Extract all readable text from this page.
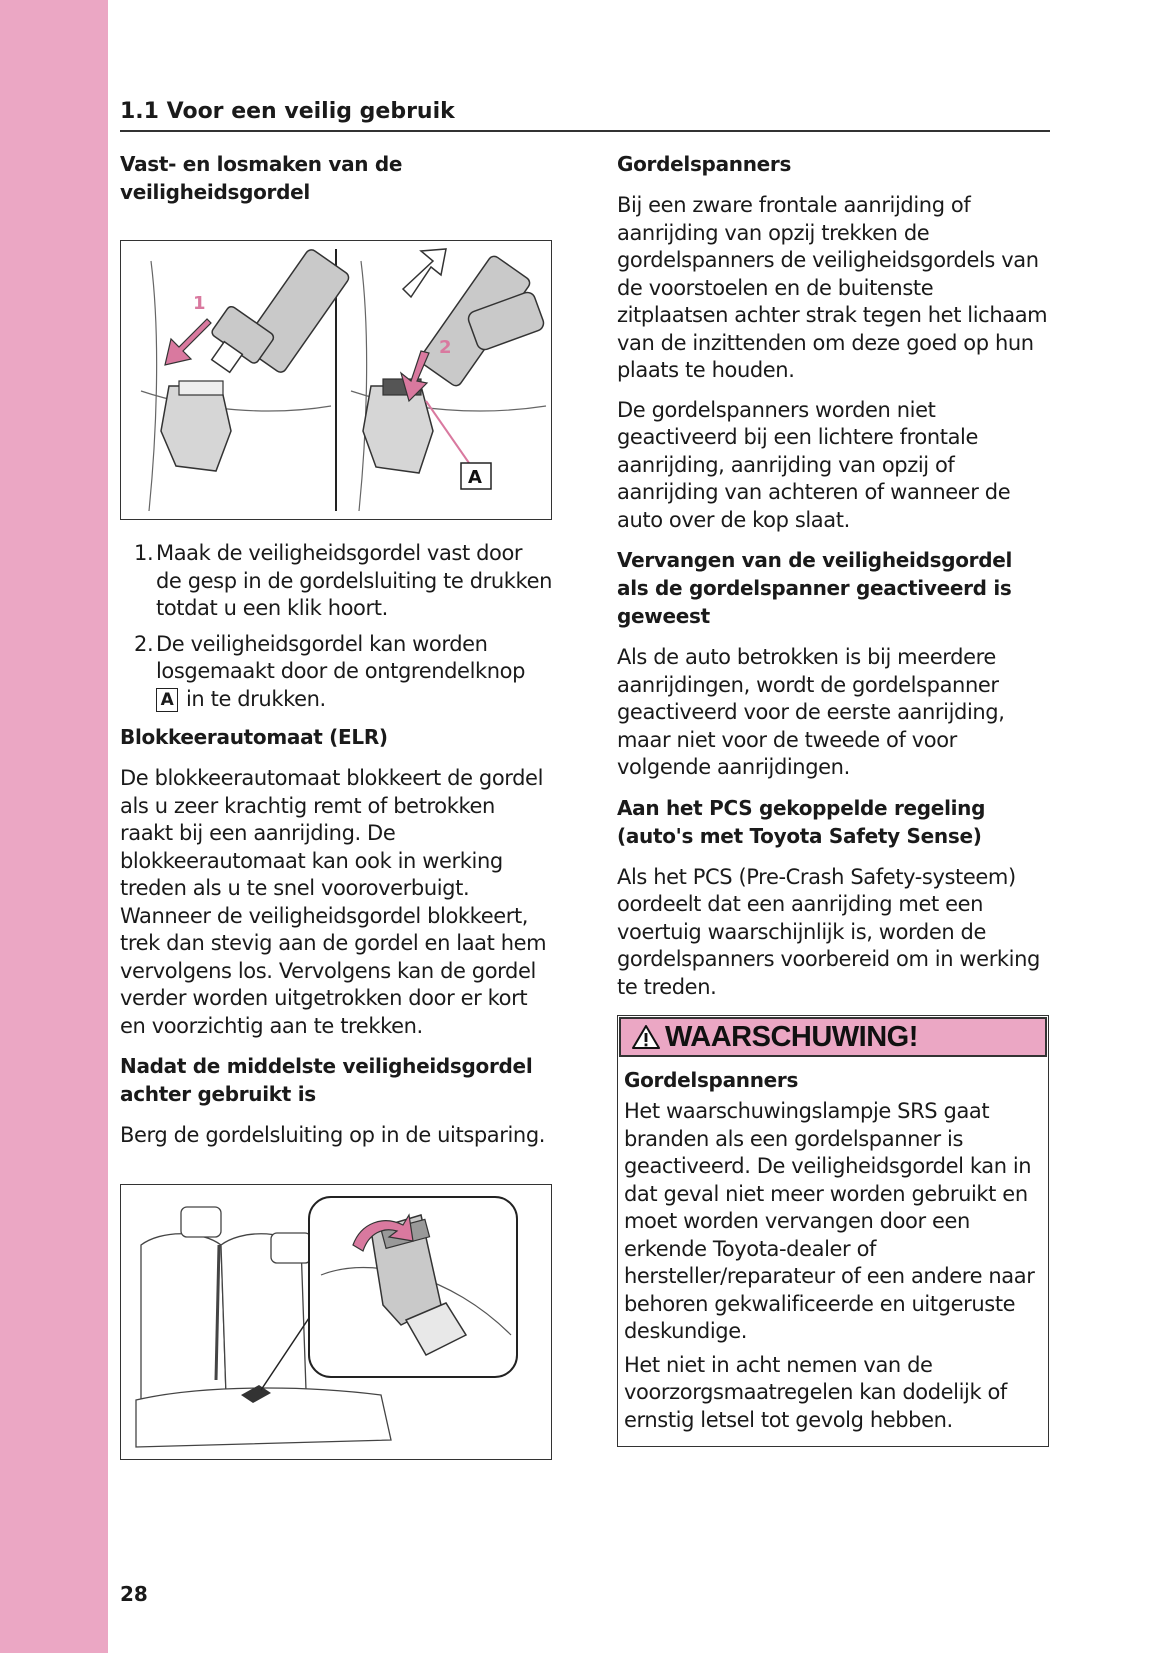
1.1 Voor een veilig gebruik
Vast- en losmaken van de veiligheidsgordel
1
2
A
1. Maak de veiligheidsgordel vast door de gesp in de gordelsluiting te drukken totdat u een klik hoort.
2. De veiligheidsgordel kan worden losgemaakt door de ontgrendelknop
A in te drukken.
Blokkeerautomaat (ELR)

De blokkeerautomaat blokkeert de gordel als u zeer krachtig remt of betrokken raakt bij een aanrijding. De blokkeerautomaat kan ook in werking treden als u te snel vooroverbuigt. Wanneer de veiligheidsgordel blokkeert, trek dan stevig aan de gordel en laat hem vervolgens los. Vervolgens kan de gordel verder worden uitgetrokken door er kort en voorzichtig aan te trekken.

Nadat de middelste veiligheidsgordel achter gebruikt is

Berg de gordelsluiting op in de uitsparing.

Gordelspanners

Bij een zware frontale aanrijding of aanrijding van opzij trekken de gordelspanners de veiligheidsgordels van de voorstoelen en de buitenste zitplaatsen achter strak tegen het lichaam van de inzittenden om deze goed op hun plaats te houden.

De gordelspanners worden niet geactiveerd bij een lichtere frontale aanrijding, aanrijding van opzij of aanrijding van achteren of wanneer de auto over de kop slaat.

Vervangen van de veiligheidsgordel als de gordelspanner geactiveerd is geweest

Als de auto betrokken is bij meerdere aanrijdingen, wordt de gordelspanner geactiveerd voor de eerste aanrijding, maar niet voor de tweede of voor volgende aanrijdingen.

Aan het PCS gekoppelde regeling (auto's met Toyota Safety Sense)

Als het PCS (Pre-Crash Safety-systeem) oordeelt dat een aanrijding met een voertuig waarschijnlijk is, worden de gordelspanners voorbereid om in werking te treden.

WAARSCHUWING!
Gordelspanners

Het waarschuwingslampje SRS gaat branden als een gordelspanner is geactiveerd. De veiligheidsgordel kan in dat geval niet meer worden gebruikt en moet worden vervangen door een erkende Toyota-dealer of hersteller/reparateur of een andere naar behoren gekwalificeerde en uitgeruste deskundige.

Het niet in acht nemen van de voorzorgsmaatregelen kan dodelijk of ernstig letsel tot gevolg hebben.

28
